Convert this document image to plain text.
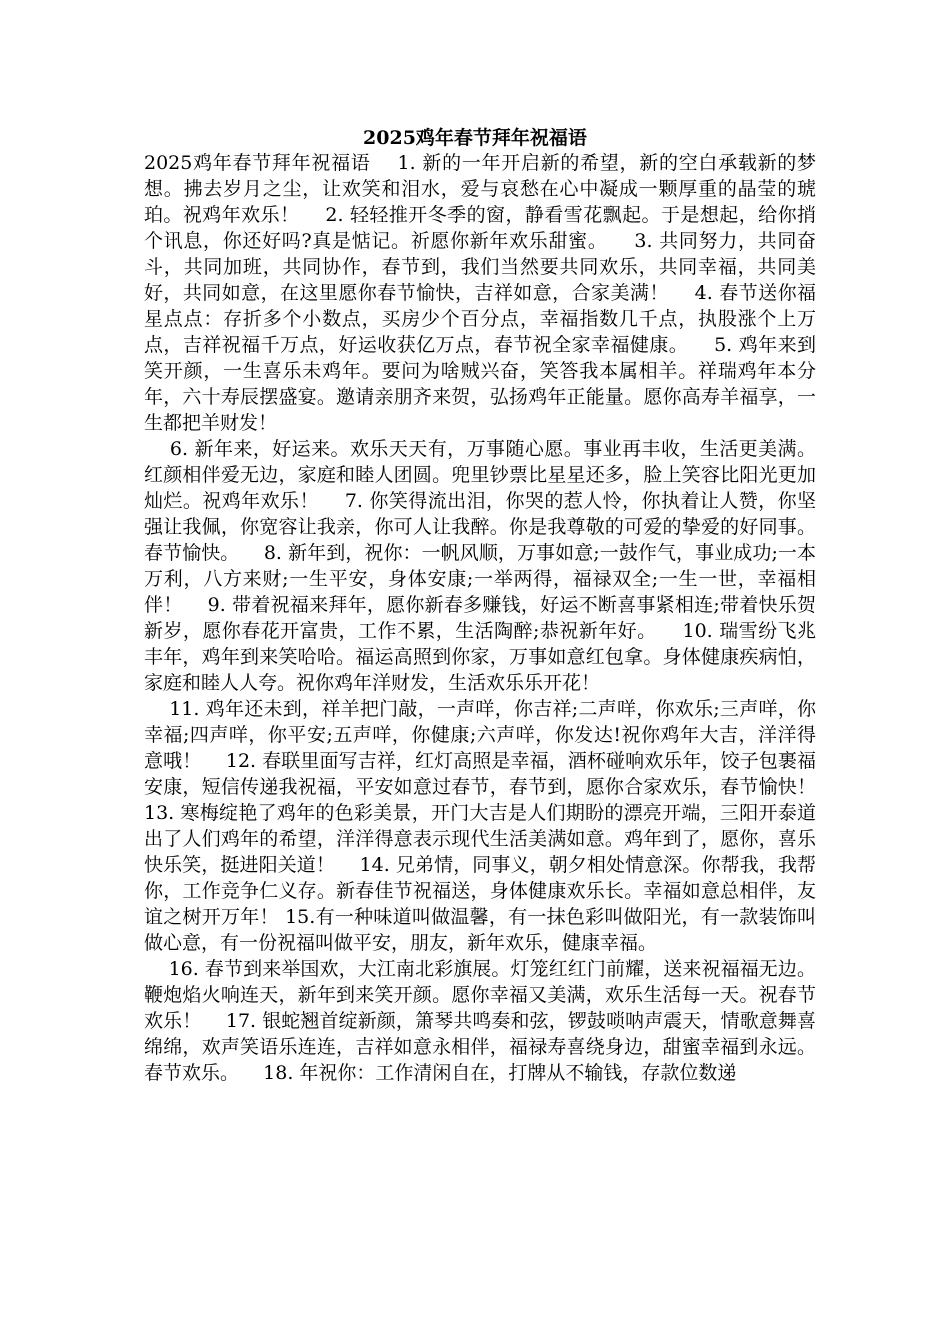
2025鸡年春节拜年祝福语

2025鸡年春节拜年祝福语    1. 新的一年开启新的希望，新的空白承载新的梦想。拂去岁月之尘，让欢笑和泪水，爱与哀愁在心中凝成一颗厚重的晶莹的琥珀。祝鸡年欢乐！    2. 轻轻推开冬季的窗，静看雪花飘起。于是想起，给你捎个讯息，你还好吗?真是惦记。祈愿你新年欢乐甜蜜。    3. 共同努力，共同奋斗，共同加班，共同协作，春节到，我们当然要共同欢乐，共同幸福，共同美好，共同如意，在这里愿你春节愉快，吉祥如意，合家美满！    4. 春节送你福星点点：存折多个小数点，买房少个百分点，幸福指数几千点，执股涨个上万点，吉祥祝福千万点，好运收获亿万点，春节祝全家幸福健康。    5. 鸡年来到笑开颜，一生喜乐未鸡年。要问为啥贼兴奋，笑答我本属相羊。祥瑞鸡年本分年，六十寿辰摆盛宴。邀请亲朋齐来贺，弘扬鸡年正能量。愿你高寿羊福享，一生都把羊财发！

6. 新年来，好运来。欢乐天天有，万事随心愿。事业再丰收，生活更美满。红颜相伴爱无边，家庭和睦人团圆。兜里钞票比星星还多，脸上笑容比阳光更加灿烂。祝鸡年欢乐！    7. 你笑得流出泪，你哭的惹人怜，你执着让人赞，你坚强让我佩，你宽容让我亲，你可人让我醉。你是我尊敬的可爱的挚爱的好同事。春节愉快。    8. 新年到，祝你：一帆风顺，万事如意;一鼓作气，事业成功;一本万利，八方来财;一生平安，身体安康;一举两得，福禄双全;一生一世，幸福相伴！    9. 带着祝福来拜年，愿你新春多赚钱，好运不断喜事紧相连;带着快乐贺新岁，愿你春花开富贵，工作不累，生活陶醉;恭祝新年好。    10. 瑞雪纷飞兆丰年，鸡年到来笑哈哈。福运高照到你家，万事如意红包拿。身体健康疾病怕，家庭和睦人人夸。祝你鸡年洋财发，生活欢乐乐开花！

11. 鸡年还未到，祥羊把门敲，一声咩，你吉祥;二声咩，你欢乐;三声咩，你幸福;四声咩，你平安;五声咩，你健康;六声咩，你发达!祝你鸡年大吉，洋洋得意哦！    12. 春联里面写吉祥，红灯高照是幸福，酒杯碰响欢乐年，饺子包裹福安康，短信传递我祝福，平安如意过春节，春节到，愿你合家欢乐，春节愉快！    13. 寒梅绽艳了鸡年的色彩美景，开门大吉是人们期盼的漂亮开端，三阳开泰道出了人们鸡年的希望，洋洋得意表示现代生活美满如意。鸡年到了，愿你，喜乐快乐笑，挺进阳关道！    14. 兄弟情，同事义，朝夕相处情意深。你帮我，我帮你，工作竞争仁义存。新春佳节祝福送，身体健康欢乐长。幸福如意总相伴，友谊之树开万年！ 15.有一种味道叫做温馨，有一抹色彩叫做阳光，有一款装饰叫做心意，有一份祝福叫做平安，朋友，新年欢乐，健康幸福。

16. 春节到来举国欢，大江南北彩旗展。灯笼红红门前耀，送来祝福福无边。鞭炮焰火响连天，新年到来笑开颜。愿你幸福又美满，欢乐生活每一天。祝春节欢乐！    17. 银蛇翘首绽新颜，箫琴共鸣奏和弦，锣鼓唢呐声震天，情歌意舞喜绵绵，欢声笑语乐连连，吉祥如意永相伴，福禄寿喜绕身边，甜蜜幸福到永远。春节欢乐。    18. 年祝你：工作清闲自在，打牌从不输钱，存款位数递
